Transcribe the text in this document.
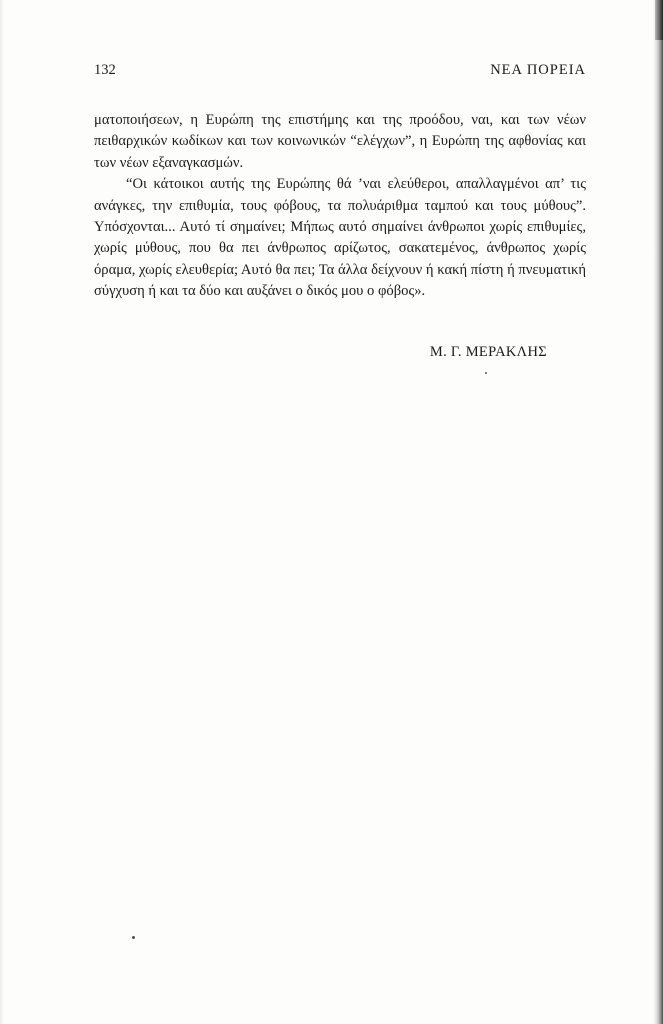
132	ΝΕΑ ΠΟΡΕΙΑ

ματοποιήσεων, η Ευρώπη της επιστήμης και της προόδου, ναι, και των νέων πειθαρχικών κωδίκων και των κοινωνικών “ελέγχων”, η Ευρώπη της αφθονίας και των νέων εξαναγκασμών.

“Οι κάτοικοι αυτής της Ευρώπης θά ’ναι ελεύθεροι, απαλλαγμένοι απ’ τις ανάγκες, την επιθυμία, τους φόβους, τα πολυάριθμα ταμπού και τους μύθους”. Υπόσχονται... Αυτό τί σημαίνει; Μήπως αυτό σημαίνει άνθρωποι χωρίς επιθυμίες, χωρίς μύθους, που θα πει άνθρωπος αρίζωτος, σακατεμένος, άνθρωπος χωρίς όραμα, χωρίς ελευθερία; Αυτό θα πει; Τα άλλα δείχνουν ή κακή πίστη ή πνευματική σύγχυση ή και τα δύο και αυξάνει ο δικός μου ο φόβος».

Μ. Γ. ΜΕΡΑΚΛΗΣ
